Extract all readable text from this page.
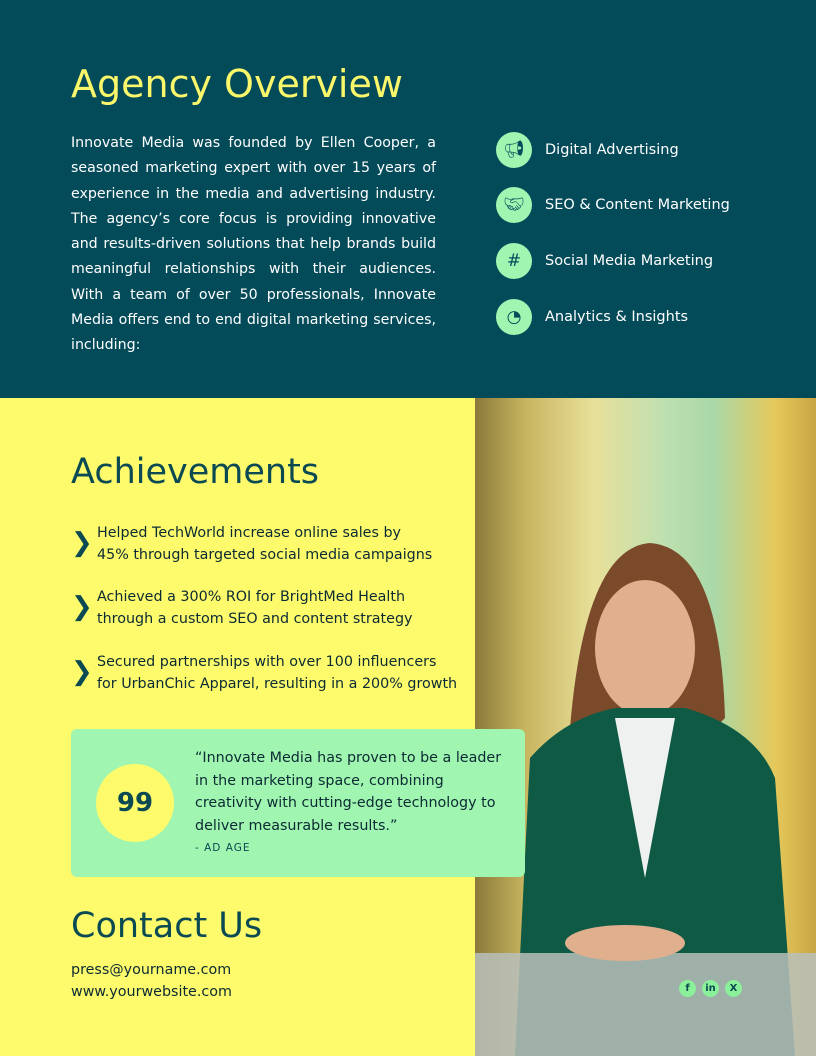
Agency Overview

Innovate Media was founded by Ellen Cooper, a seasoned marketing expert with over 15 years of experience in the media and advertising industry. The agency’s core focus is providing innovative and results-driven solutions that help brands build meaningful relationships with their audiences. With a team of over 50 professionals, Innovate Media offers end to end digital marketing services, including:

📢︎	Digital Advertising
🤝︎	SEO & Content Marketing
#	Social Media Marketing
◔	Analytics & Insights
Achievements
❯ Helped TechWorld increase online sales by
45% through targeted social media campaigns
❯ Achieved a 300% ROI for BrightMed Health
through a custom SEO and content strategy
❯ Secured partnerships with over 100 influencers
for UrbanChic Apparel, resulting in a 200% growth
99

“Innovate Media has proven to be a leader in the marketing space, combining creativity with cutting-edge technology to deliver measurable results.”

- AD AGE
Contact Us
press@yourname.com
www.yourwebsite.com	f	in	X
